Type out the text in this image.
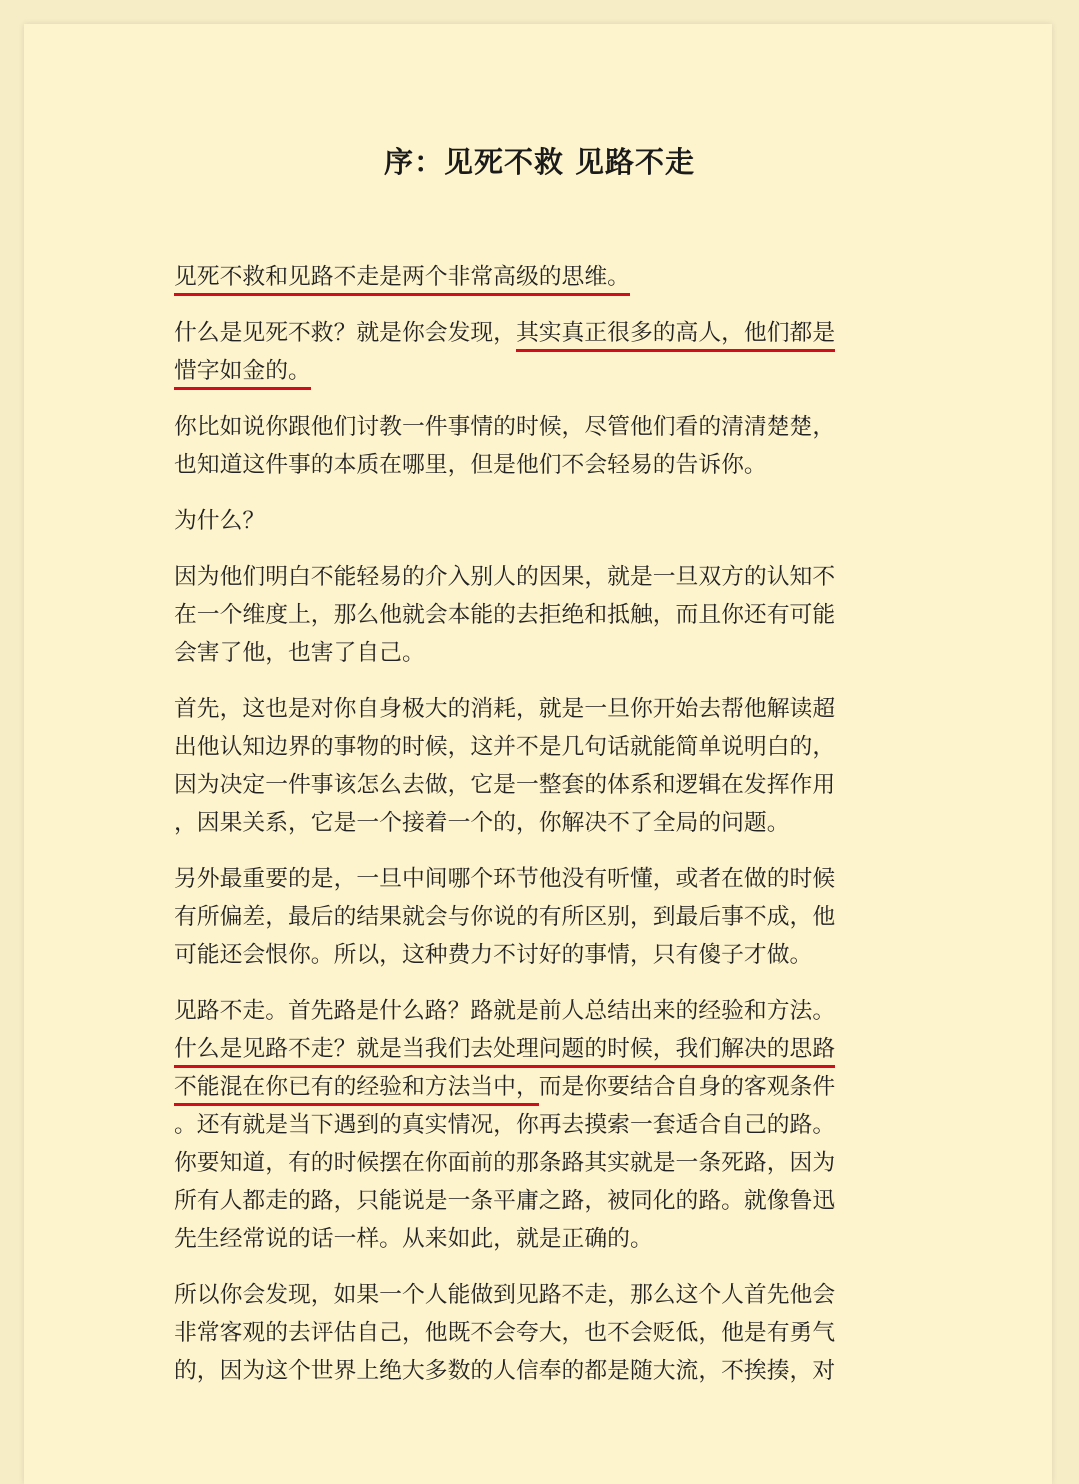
序：见死不救 见路不走
见死不救和见路不走是两个非常高级的思维。
什么是见死不救？就是你会发现，其实真正很多的高人，他们都是
惜字如金的。
你比如说你跟他们讨教一件事情的时候，尽管他们看的清清楚楚，
也知道这件事的本质在哪里，但是他们不会轻易的告诉你。
为什么？
因为他们明白不能轻易的介入别人的因果，就是一旦双方的认知不
在一个维度上，那么他就会本能的去拒绝和抵触，而且你还有可能
会害了他，也害了自己。
首先，这也是对你自身极大的消耗，就是一旦你开始去帮他解读超
出他认知边界的事物的时候，这并不是几句话就能简单说明白的，
因为决定一件事该怎么去做，它是一整套的体系和逻辑在发挥作用
，因果关系，它是一个接着一个的，你解决不了全局的问题。
另外最重要的是，一旦中间哪个环节他没有听懂，或者在做的时候
有所偏差，最后的结果就会与你说的有所区别，到最后事不成，他
可能还会恨你。所以，这种费力不讨好的事情，只有傻子才做。
见路不走。首先路是什么路？路就是前人总结出来的经验和方法。
什么是见路不走？就是当我们去处理问题的时候，我们解决的思路
不能混在你已有的经验和方法当中，而是你要结合自身的客观条件
。还有就是当下遇到的真实情况，你再去摸索一套适合自己的路。
你要知道，有的时候摆在你面前的那条路其实就是一条死路，因为
所有人都走的路，只能说是一条平庸之路，被同化的路。就像鲁迅
先生经常说的话一样。从来如此，就是正确的。
所以你会发现，如果一个人能做到见路不走，那么这个人首先他会
非常客观的去评估自己，他既不会夸大，也不会贬低，他是有勇气
的，因为这个世界上绝大多数的人信奉的都是随大流，不挨揍，对
